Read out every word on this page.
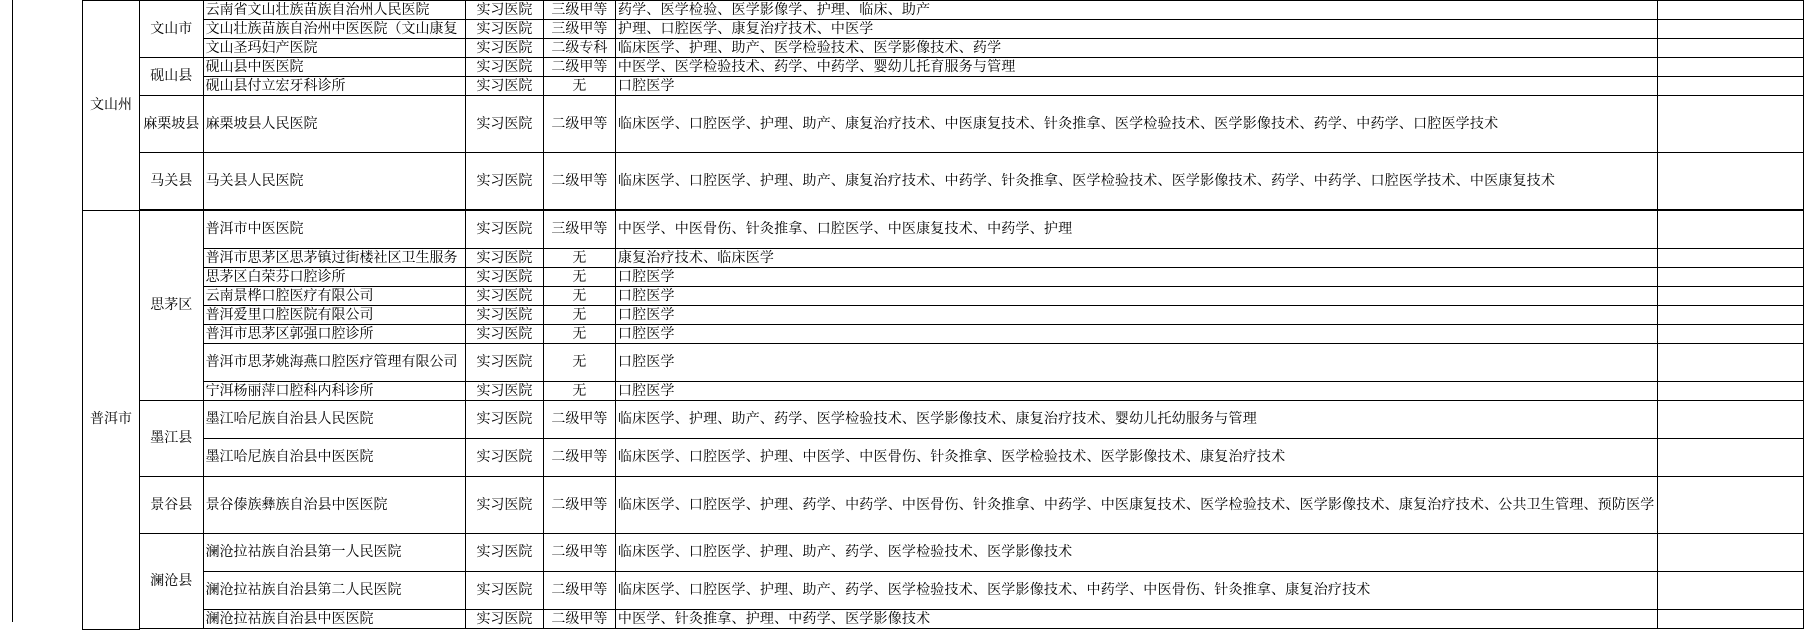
文山州	文山市	云南省文山壮族苗族自治州人民医院	实习医院	三级甲等	药学、医学检验、医学影像学、护理、临床、助产	
		文山壮族苗族自治州中医医院（文山康复	实习医院	三级甲等	护理、口腔医学、康复治疗技术、中医学	
		文山圣玛妇产医院	实习医院	二级专科	临床医学、护理、助产、医学检验技术、医学影像技术、药学	
	砚山县	砚山县中医医院	实习医院	二级甲等	中医学、医学检验技术、药学、中药学、婴幼儿托育服务与管理	
		砚山县付立宏牙科诊所	实习医院	无	口腔医学	
	麻栗坡县	麻栗坡县人民医院	实习医院	二级甲等	临床医学、口腔医学、护理、助产、康复治疗技术、中医康复技术、针灸推拿、医学检验技术、医学影像技术、药学、中药学、口腔医学技术	
	马关县	马关县人民医院	实习医院	二级甲等	临床医学、口腔医学、护理、助产、康复治疗技术、中药学、针灸推拿、医学检验技术、医学影像技术、药学、中药学、口腔医学技术、中医康复技术	

普洱市	思茅区	普洱市中医医院	实习医院	三级甲等	中医学、中医骨伤、针灸推拿、口腔医学、中医康复技术、中药学、护理	
		普洱市思茅区思茅镇过街楼社区卫生服务	实习医院	无	康复治疗技术、临床医学	
		思茅区白荣芬口腔诊所	实习医院	无	口腔医学	
		云南景桦口腔医疗有限公司	实习医院	无	口腔医学	
		普洱爱里口腔医院有限公司	实习医院	无	口腔医学	
		普洱市思茅区郭强口腔诊所	实习医院	无	口腔医学	
		普洱市思茅姚海燕口腔医疗管理有限公司	实习医院	无	口腔医学	
		宁洱杨丽萍口腔科内科诊所	实习医院	无	口腔医学	
	墨江县	墨江哈尼族自治县人民医院	实习医院	二级甲等	临床医学、护理、助产、药学、医学检验技术、医学影像技术、康复治疗技术、婴幼儿托幼服务与管理	
		墨江哈尼族自治县中医医院	实习医院	二级甲等	临床医学、口腔医学、护理、中医学、中医骨伤、针灸推拿、医学检验技术、医学影像技术、康复治疗技术	
	景谷县	景谷傣族彝族自治县中医医院	实习医院	二级甲等	临床医学、口腔医学、护理、药学、中药学、中医骨伤、针灸推拿、中药学、中医康复技术、医学检验技术、医学影像技术、康复治疗技术、公共卫生管理、预防医学	
	澜沧县	澜沧拉祜族自治县第一人民医院	实习医院	二级甲等	临床医学、口腔医学、护理、助产、药学、医学检验技术、医学影像技术	
		澜沧拉祜族自治县第二人民医院	实习医院	二级甲等	临床医学、口腔医学、护理、助产、药学、医学检验技术、医学影像技术、中药学、中医骨伤、针灸推拿、康复治疗技术	
		澜沧拉祜族自治县中医医院	实习医院	二级甲等	中医学、针灸推拿、护理、中药学、医学影像技术	
